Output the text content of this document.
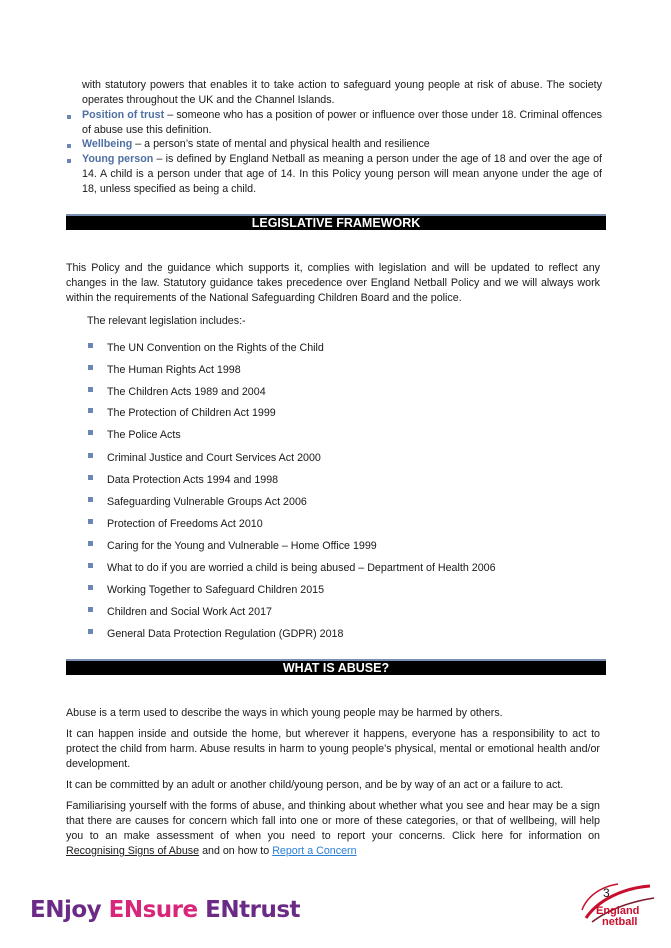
with statutory powers that enables it to take action to safeguard young people at risk of abuse. The society operates throughout the UK and the Channel Islands.
Position of trust – someone who has a position of power or influence over those under 18. Criminal offences of abuse use this definition.
Wellbeing – a person’s state of mental and physical health and resilience
Young person – is defined by England Netball as meaning a person under the age of 18 and over the age of 14. A child is a person under that age of 14. In this Policy young person will mean anyone under the age of 18, unless specified as being a child.
LEGISLATIVE FRAMEWORK
This Policy and the guidance which supports it, complies with legislation and will be updated to reflect any changes in the law. Statutory guidance takes precedence over England Netball Policy and we will always work within the requirements of the National Safeguarding Children Board and the police.
The relevant legislation includes:-
The UN Convention on the Rights of the Child
The Human Rights Act 1998
The Children Acts 1989 and 2004
The Protection of Children Act 1999
The Police Acts
Criminal Justice and Court Services Act 2000
Data Protection Acts 1994 and 1998
Safeguarding Vulnerable Groups Act 2006
Protection of Freedoms Act 2010
Caring for the Young and Vulnerable – Home Office 1999
What to do if you are worried a child is being abused – Department of Health 2006
Working Together to Safeguard Children 2015
Children and Social Work Act 2017
General Data Protection Regulation (GDPR) 2018
WHAT IS ABUSE?
Abuse is a term used to describe the ways in which young people may be harmed by others.
It can happen inside and outside the home, but wherever it happens, everyone has a responsibility to act to protect the child from harm. Abuse results in harm to young people’s physical, mental or emotional health and/or development.
It can be committed by an adult or another child/young person, and be by way of an act or a failure to act.
Familiarising yourself with the forms of abuse, and thinking about whether what you see and hear may be a sign that there are causes for concern which fall into one or more of these categories, or that of wellbeing, will help you to an make assessment of when you need to report your concerns. Click here for information on Recognising Signs of Abuse and on how to Report a Concern
3
ENjoy ENsure ENtrust	England
netball
